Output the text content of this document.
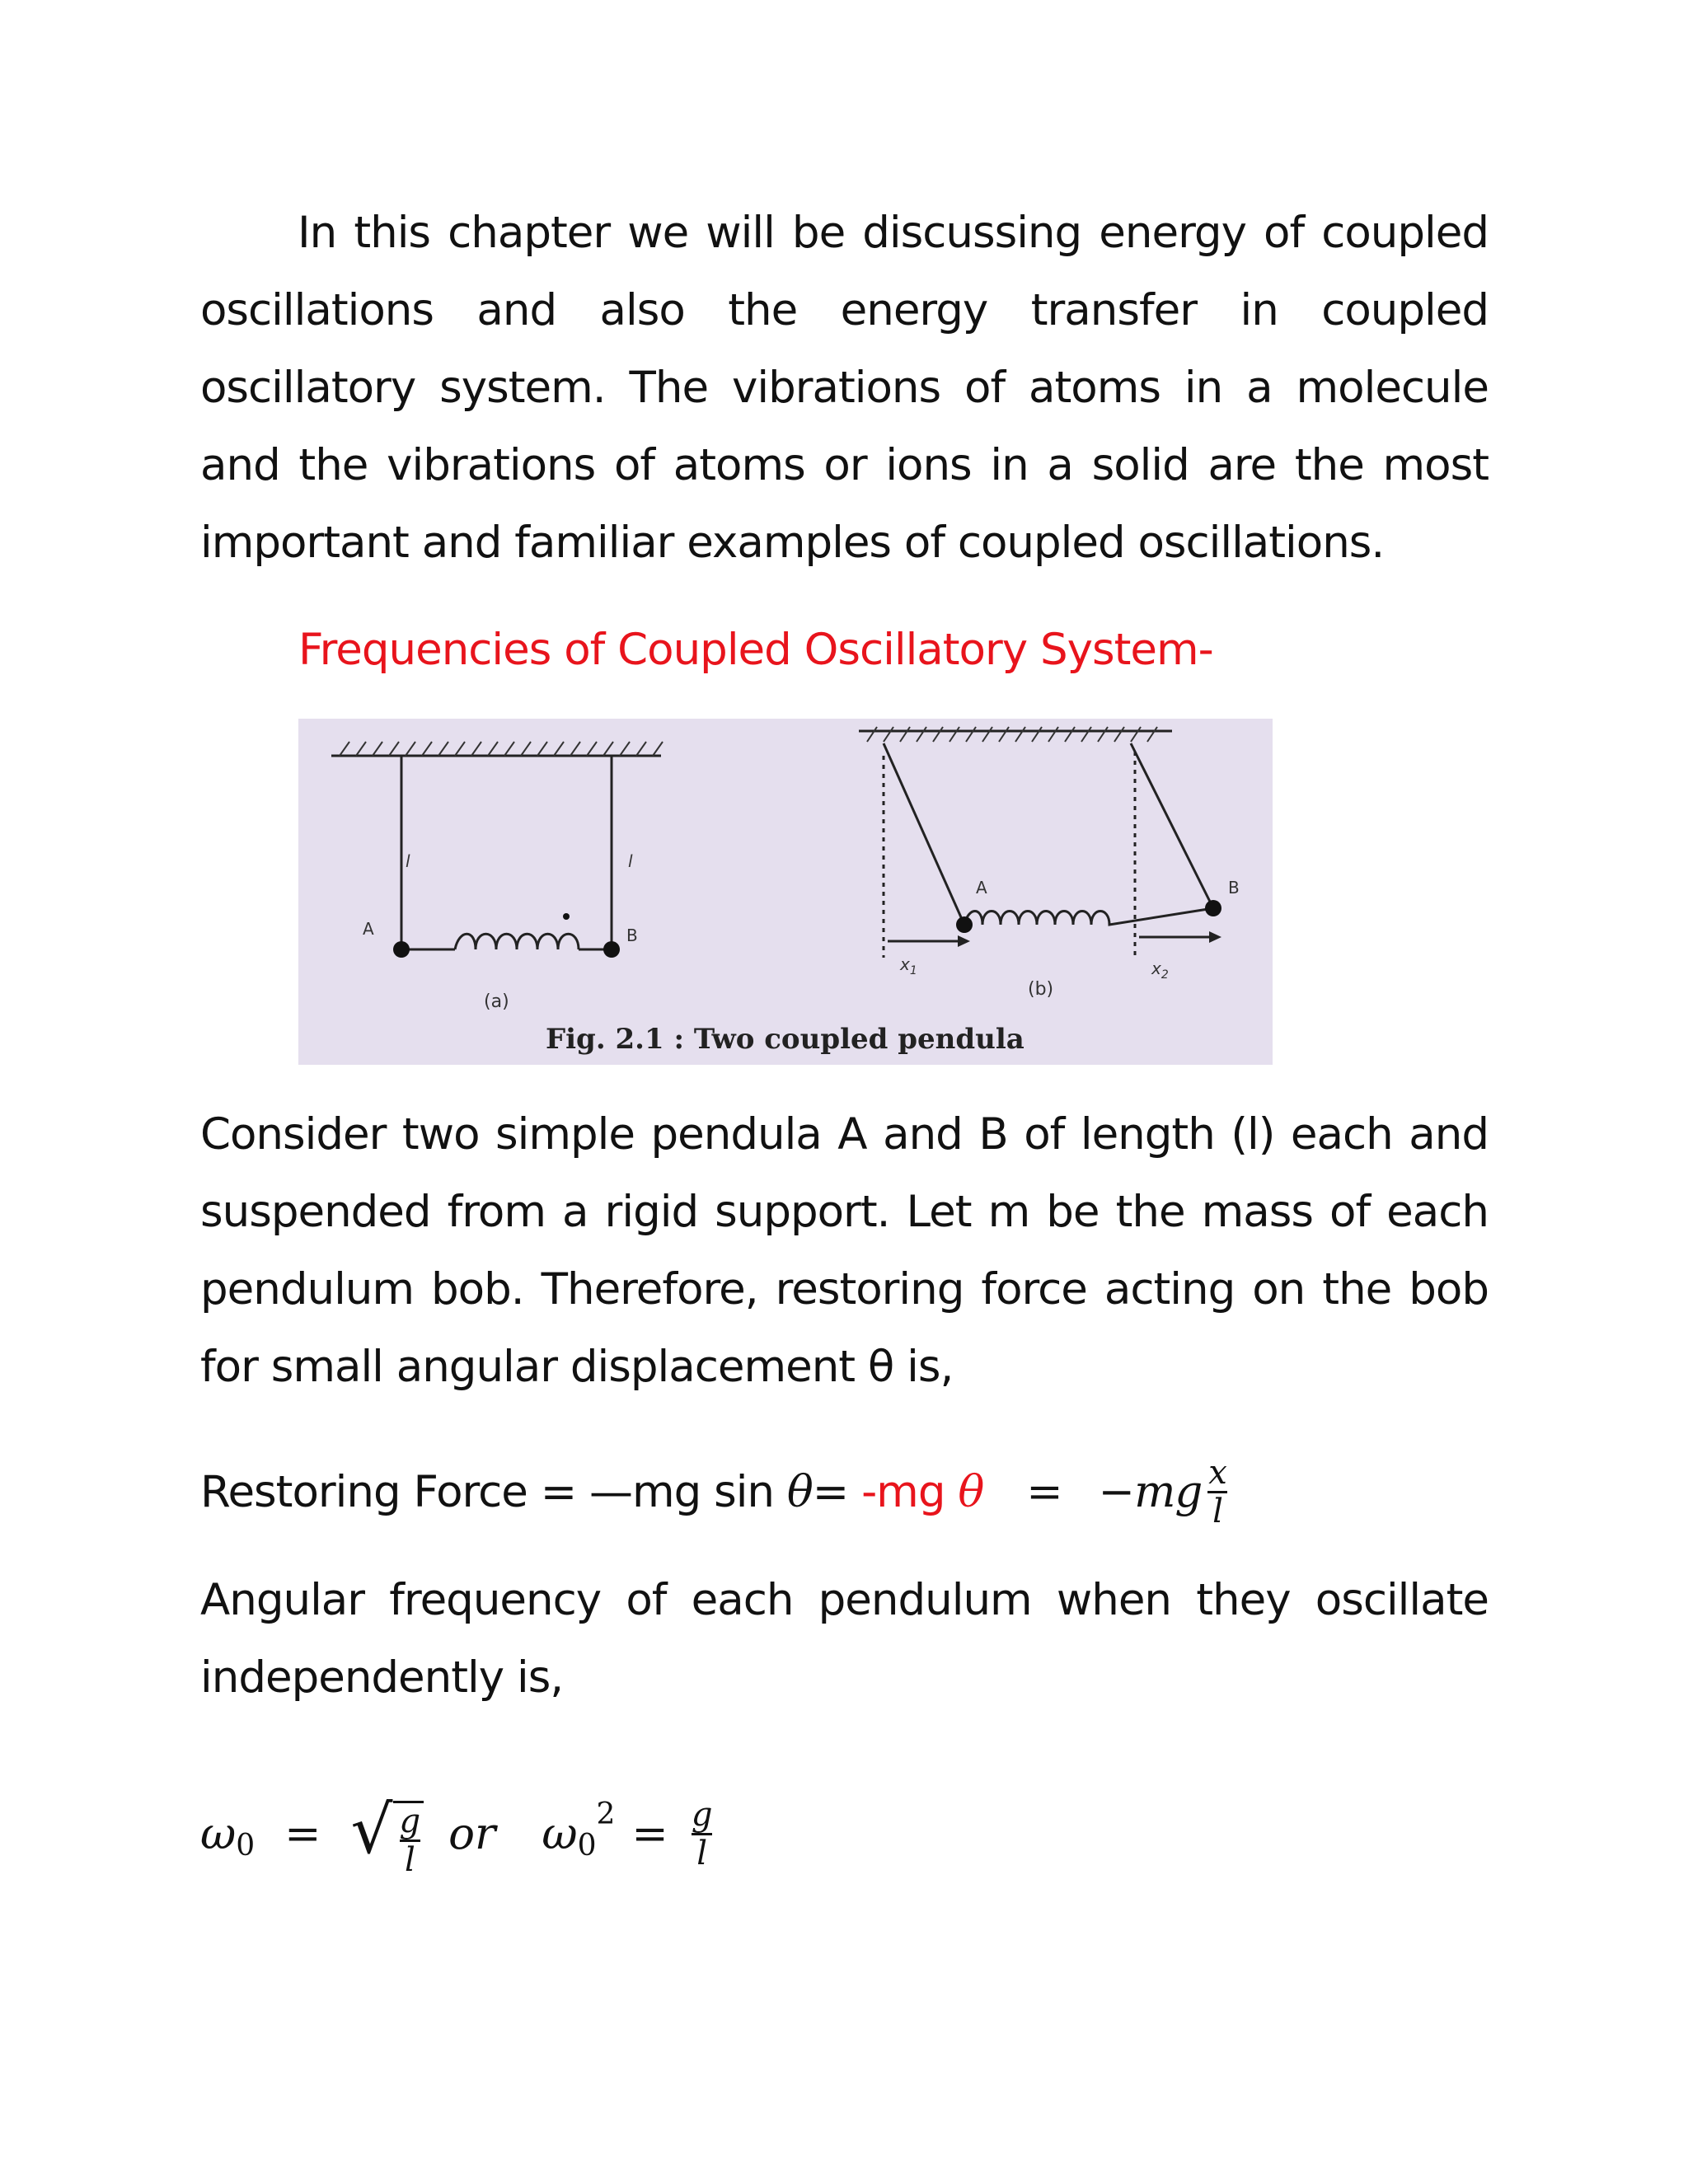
In this chapter we will be discussing energy of coupled oscillations and also the energy transfer in coupled oscillatory system. The vibrations of atoms in a molecule and the vibrations of atoms or ions in a solid are the most important and familiar examples of coupled oscillations.

Frequencies of Coupled Oscillatory System-
l	l
A	B
(a)
A	B
$x_1$	$x_2$
(b)
Fig. 2.1 : Two coupled pendula

Consider two simple pendula A and B of length (l) each and suspended from a rigid support. Let m be the mass of each pendulum bob. Therefore, restoring force acting on the bob for small angular displacement θ is,

Restoring Force = —mg sin θ = -mg $\theta = -mg \frac{x}{l}$

Angular frequency of each pendulum when they oscillate independently is,

ω 0 = √ $\frac{g}{l}$ or ω 0
$2 = \frac{g}{l}$
